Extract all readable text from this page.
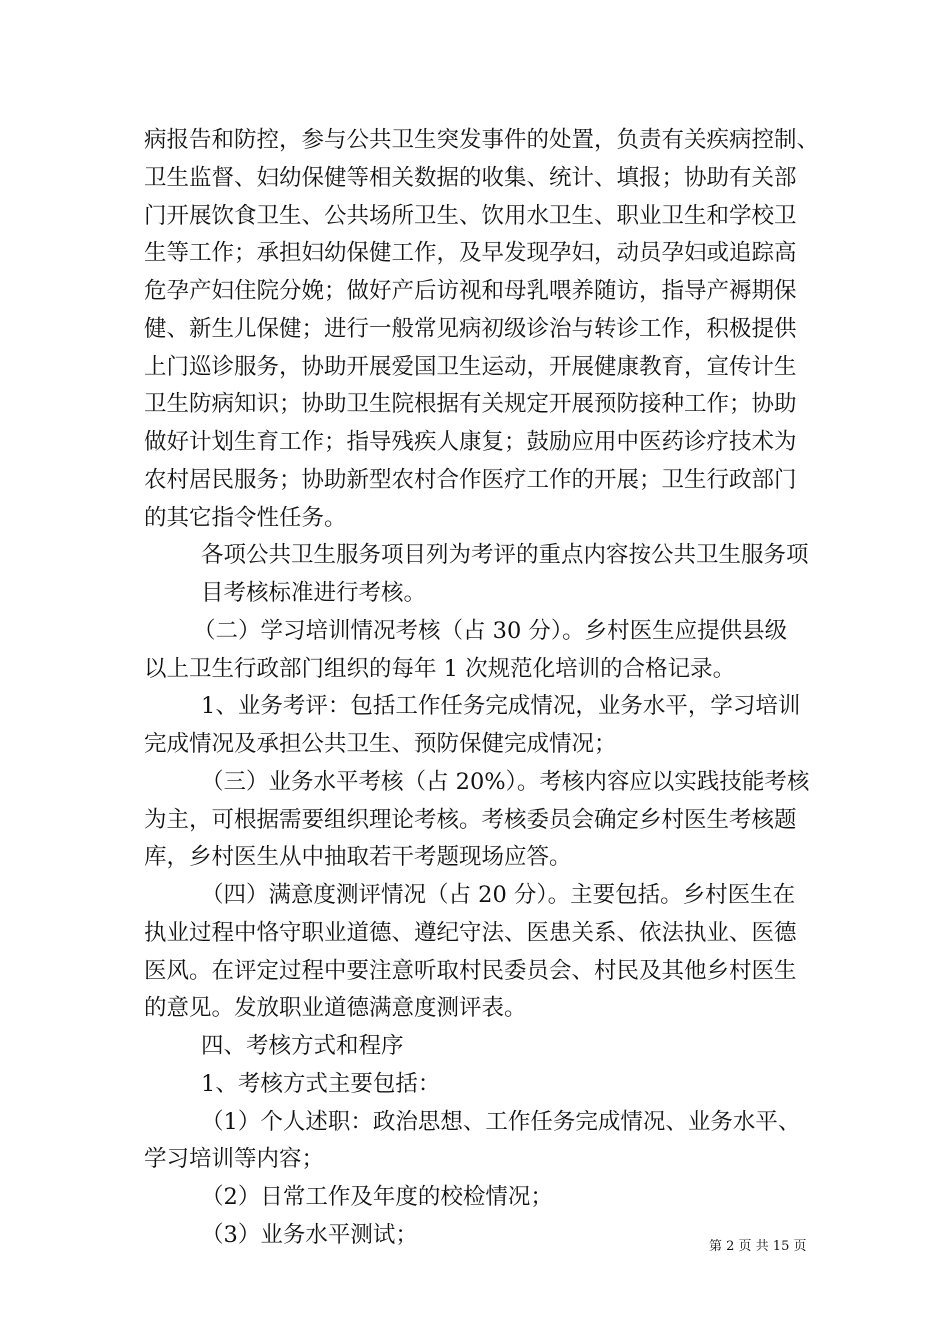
病报告和防控，参与公共卫生突发事件的处置，负责有关疾病控制、
卫生监督、妇幼保健等相关数据的收集、统计、填报；协助有关部
门开展饮食卫生、公共场所卫生、饮用水卫生、职业卫生和学校卫
生等工作；承担妇幼保健工作，及早发现孕妇，动员孕妇或追踪高
危孕产妇住院分娩；做好产后访视和母乳喂养随访，指导产褥期保
健、新生儿保健；进行一般常见病初级诊治与转诊工作，积极提供
上门巡诊服务，协助开展爱国卫生运动，开展健康教育，宣传计生
卫生防病知识；协助卫生院根据有关规定开展预防接种工作；协助
做好计划生育工作；指导残疾人康复；鼓励应用中医药诊疗技术为
农村居民服务；协助新型农村合作医疗工作的开展；卫生行政部门
的其它指令性任务。
各项公共卫生服务项目列为考评的重点内容按公共卫生服务项
目考核标准进行考核。
（二）学习培训情况考核（占 30 分）。乡村医生应提供县级
以上卫生行政部门组织的每年 1 次规范化培训的合格记录。
1、业务考评：包括工作任务完成情况，业务水平，学习培训
完成情况及承担公共卫生、预防保健完成情况；
（三）业务水平考核（占 20%）。考核内容应以实践技能考核
为主，可根据需要组织理论考核。考核委员会确定乡村医生考核题
库，乡村医生从中抽取若干考题现场应答。
（四）满意度测评情况（占 20 分）。主要包括。乡村医生在
执业过程中恪守职业道德、遵纪守法、医患关系、依法执业、医德
医风。在评定过程中要注意听取村民委员会、村民及其他乡村医生
的意见。发放职业道德满意度测评表。
四、考核方式和程序
1、考核方式主要包括：
（1）个人述职：政治思想、工作任务完成情况、业务水平、
学习培训等内容；
（2）日常工作及年度的校检情况；
（3）业务水平测试；	第 2 页 共 15 页
